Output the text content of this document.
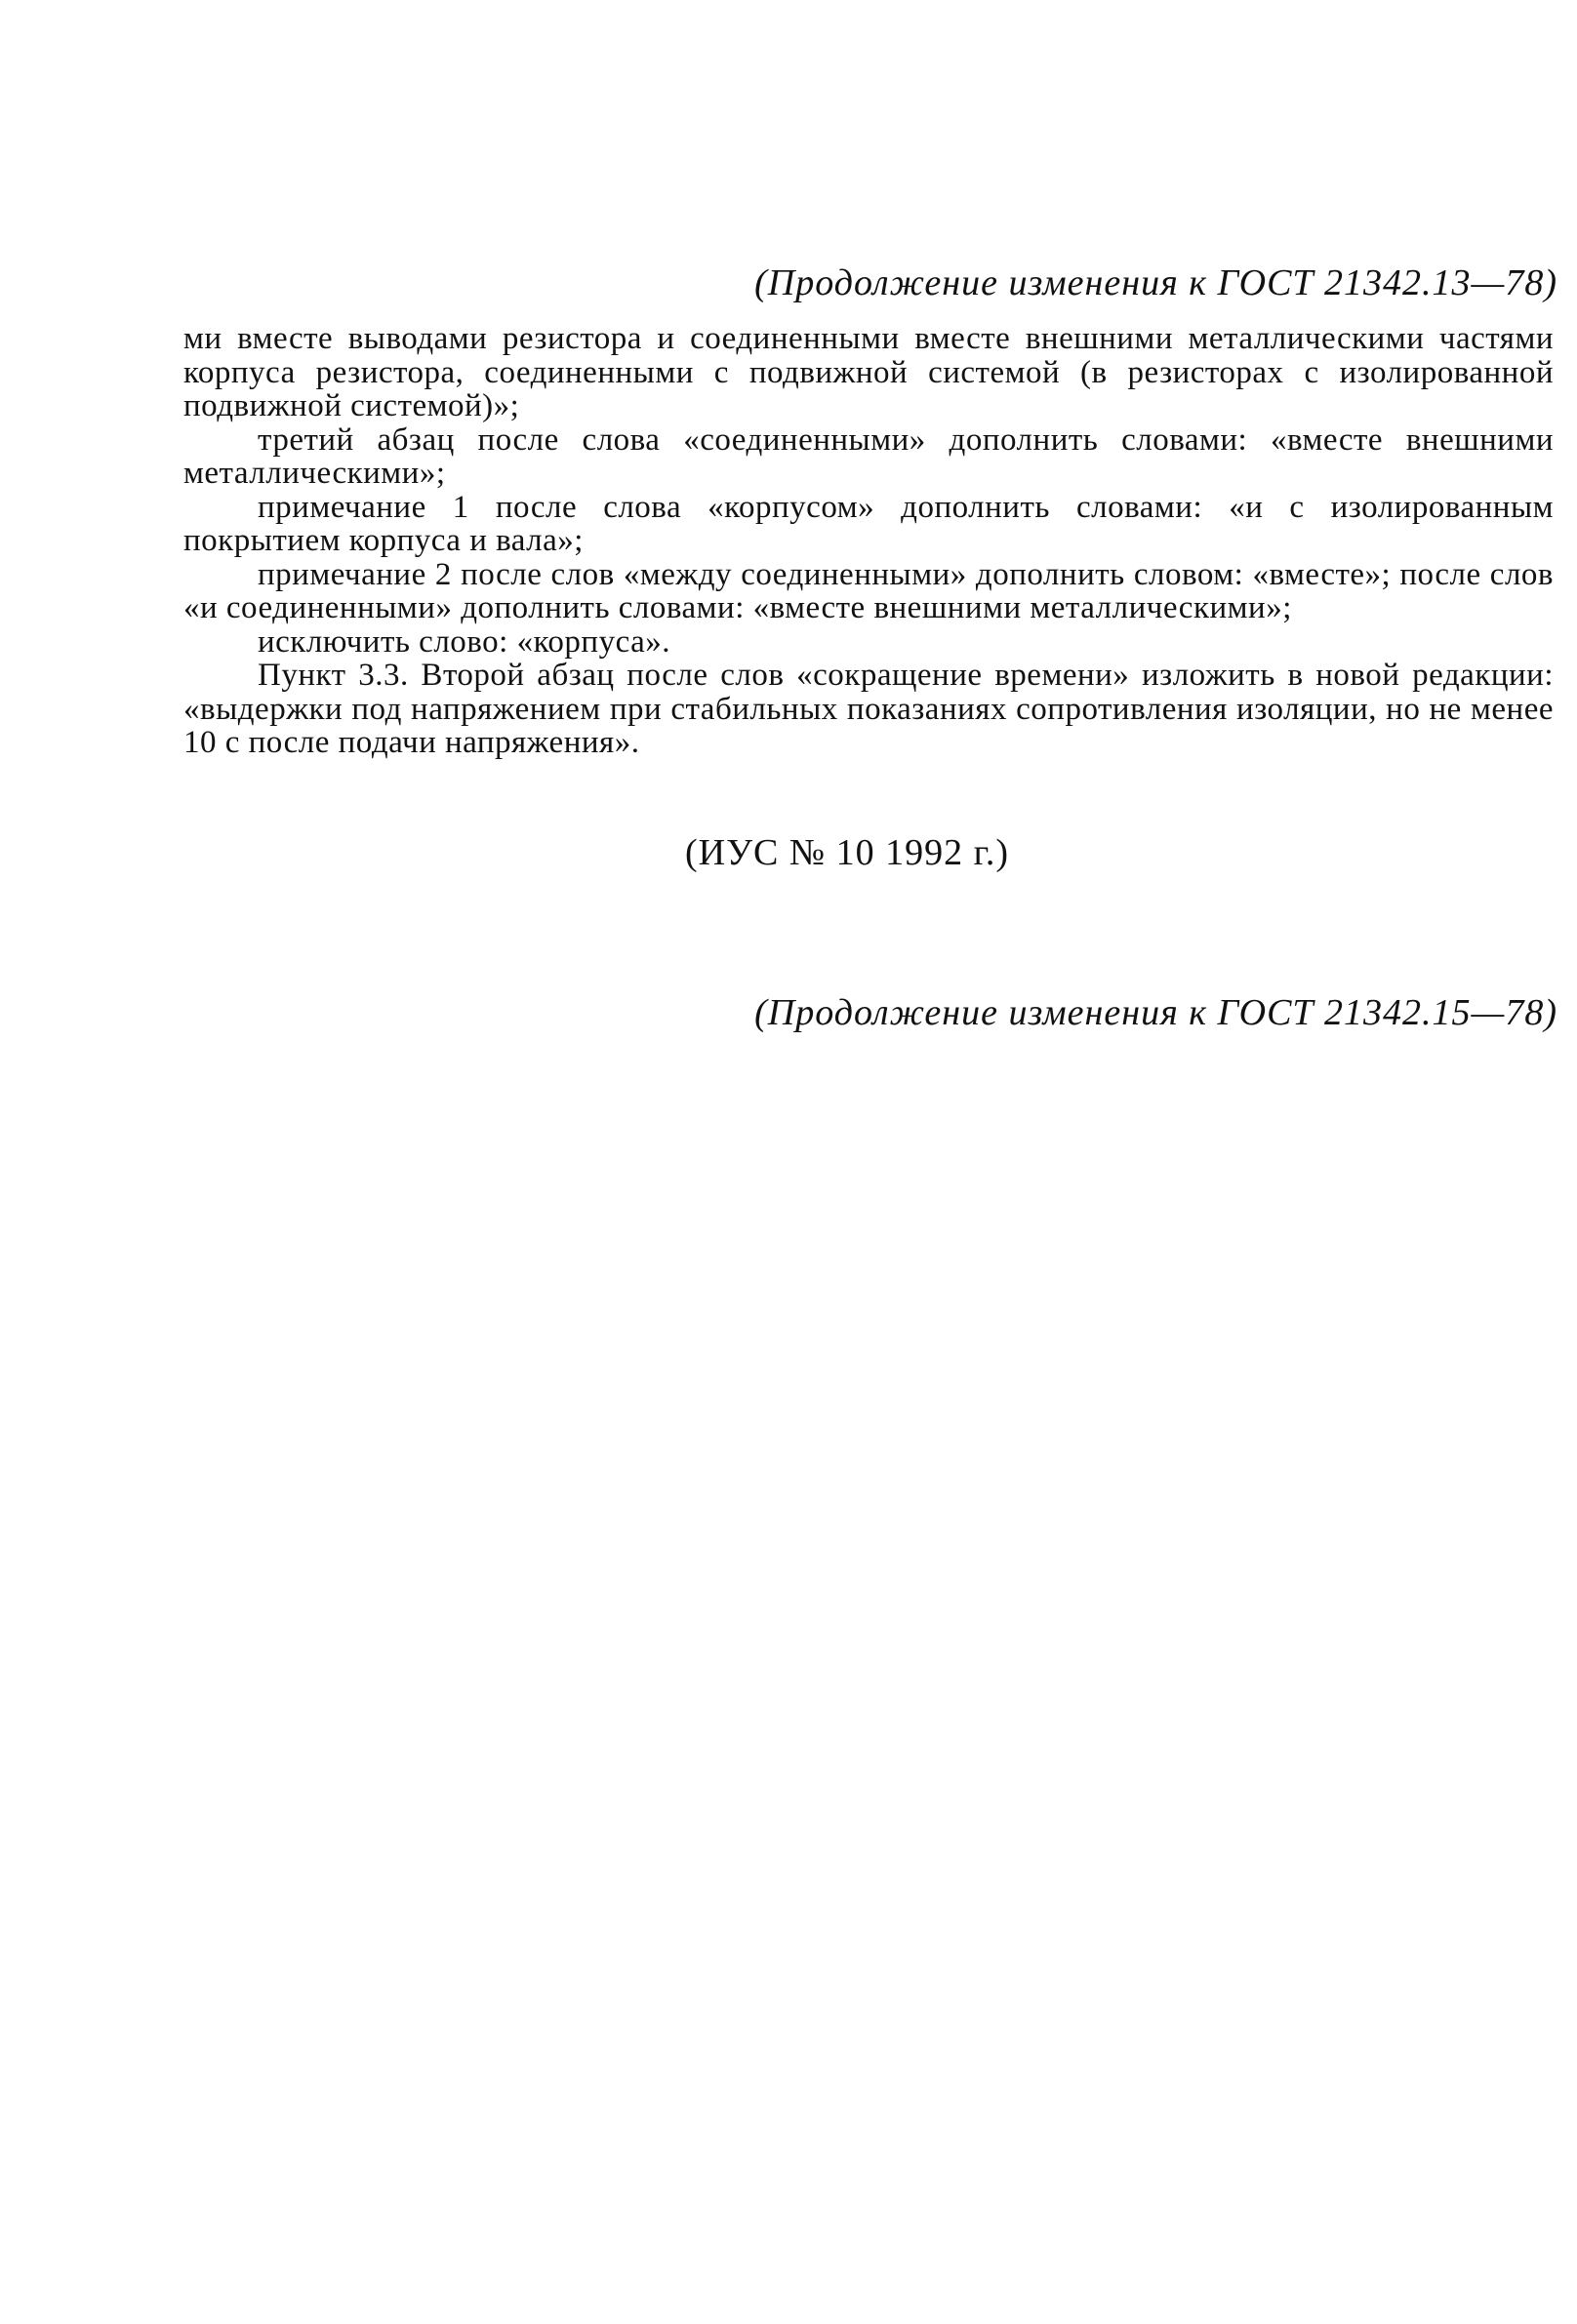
(Продолжение изменения к ГОСТ 21342.13—78)

ми вместе выводами резистора и соединенными вместе внешними металлическими частями корпуса резистора, соединенными с подвижной системой (в резисторах с изолированной подвижной системой)»;

третий абзац после слова «соединенными» дополнить словами: «вместе внешними металлическими»;

примечание 1 после слова «корпусом» дополнить словами: «и с изолированным покрытием корпуса и вала»;

примечание 2 после слов «между соединенными» дополнить словом: «вместе»; после слов «и соединенными» дополнить словами: «вместе внешними металлическими»;

исключить слово: «корпуса».

Пункт 3.3. Второй абзац после слов «сокращение времени» изложить в новой редакции: «выдержки под напряжением при стабильных показаниях сопротивления изоляции, но не менее 10 с после подачи напряжения».

(ИУС № 10 1992 г.)
(Продолжение изменения к ГОСТ 21342.15—78)
